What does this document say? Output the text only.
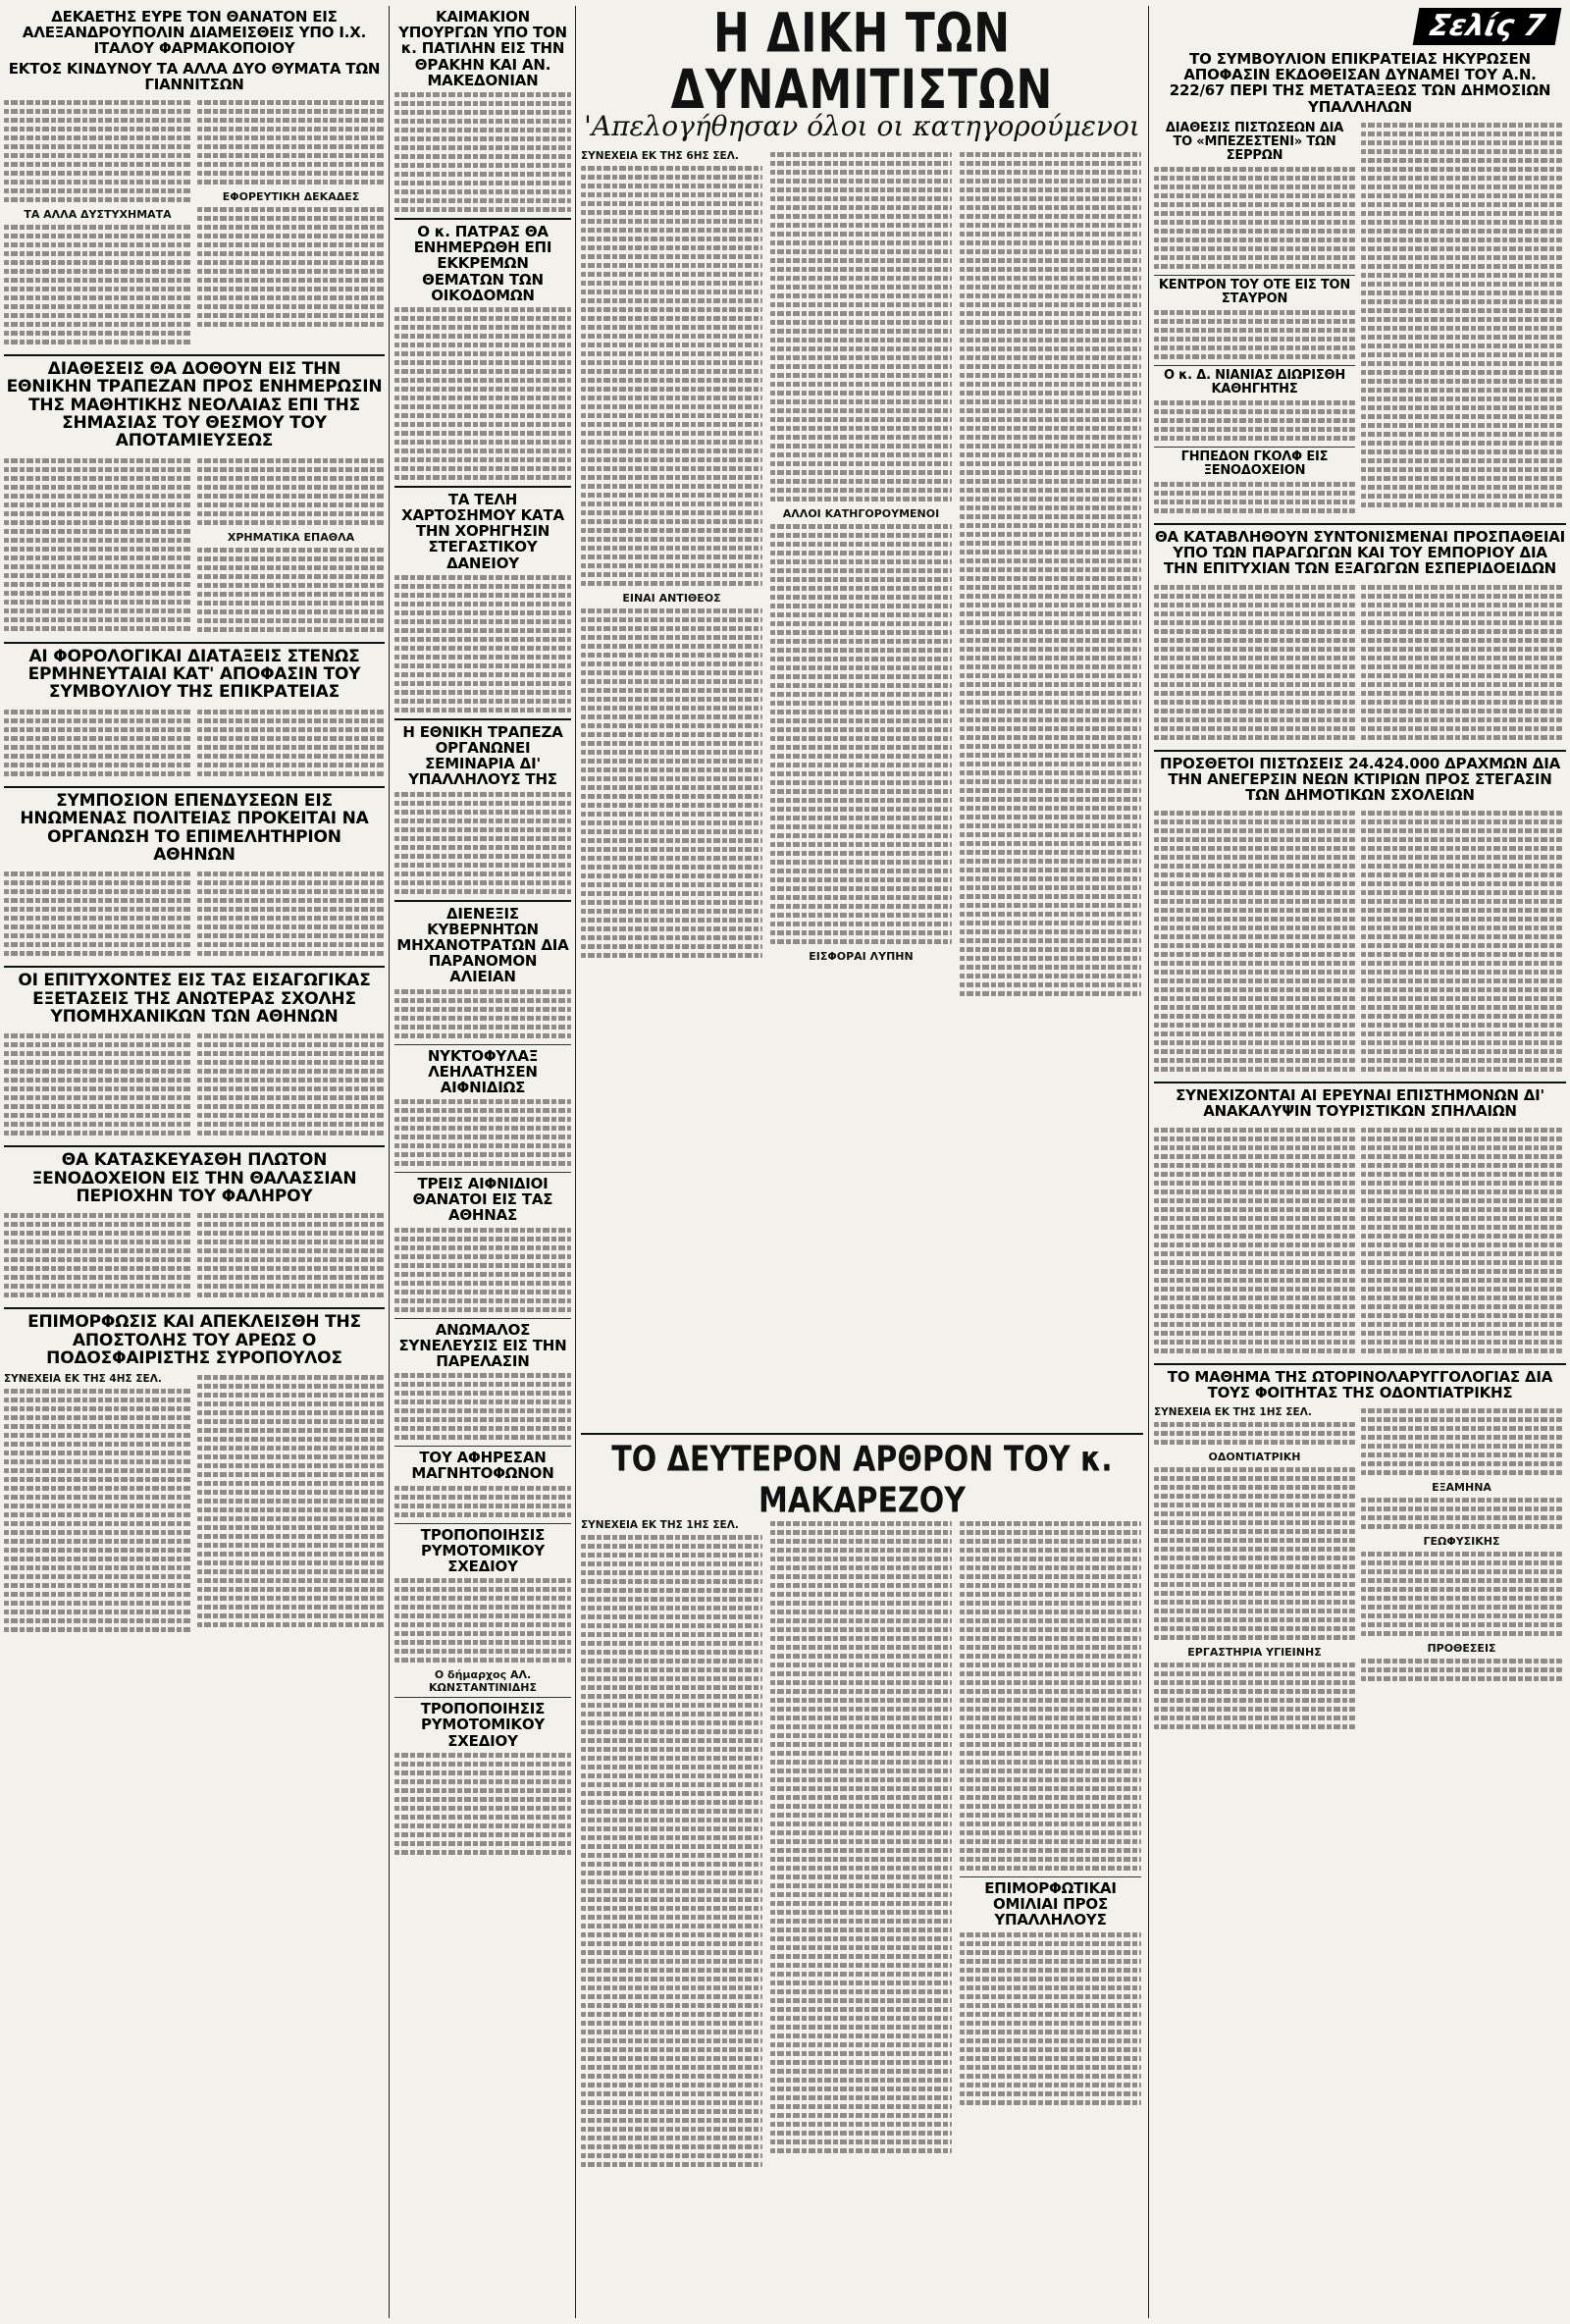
ΔΕΚΑΕΤΗΣ ΕΥΡΕ ΤΟΝ ΘΑΝΑΤΟΝ ΕΙΣ ΑΛΕΞΑΝΔΡΟΥΠΟΛΙΝ ΔΙΑΜΕΙΣΘΕΙΣ ΥΠΟ Ι.Χ. ΙΤΑΛΟΥ ΦΑΡΜΑΚΟΠΟΙΟΥ
ΕΚΤΟΣ ΚΙΝΔΥΝΟΥ ΤΑ ΑΛΛΑ ΔΥΟ ΘΥΜΑΤΑ ΤΩΝ ΓΙΑΝΝΙΤΣΩΝ
ΤΑ ΑΛΛΑ ΔΥΣΤΥΧΗΜΑΤΑ
ΕΦΟΡΕΥΤΙΚΗ ΔΕΚΑΔΕΣ
ΔΙΑΘΕΣΕΙΣ ΘΑ ΔΟΘΟΥΝ ΕΙΣ ΤΗΝ ΕΘΝΙΚΗΝ ΤΡΑΠΕΖΑΝ ΠΡΟΣ ΕΝΗΜΕΡΩΣΙΝ ΤΗΣ ΜΑΘΗΤΙΚΗΣ ΝΕΟΛΑΙΑΣ ΕΠΙ ΤΗΣ ΣΗΜΑΣΙΑΣ ΤΟΥ ΘΕΣΜΟΥ ΤΟΥ ΑΠΟΤΑΜΙΕΥΣΕΩΣ
ΧΡΗΜΑΤΙΚΑ ΕΠΑΘΛΑ
ΑΙ ΦΟΡΟΛΟΓΙΚΑΙ ΔΙΑΤΑΞΕΙΣ ΣΤΕΝΩΣ ΕΡΜΗΝΕΥΤΑΙΑΙ ΚΑΤ' ΑΠΟΦΑΣΙΝ ΤΟΥ ΣΥΜΒΟΥΛΙΟΥ ΤΗΣ ΕΠΙΚΡΑΤΕΙΑΣ
ΣΥΜΠΟΣΙΟΝ ΕΠΕΝΔΥΣΕΩΝ ΕΙΣ ΗΝΩΜΕΝΑΣ ΠΟΛΙΤΕΙΑΣ ΠΡΟΚΕΙΤΑΙ ΝΑ ΟΡΓΑΝΩΣΗ ΤΟ ΕΠΙΜΕΛΗΤΗΡΙΟΝ ΑΘΗΝΩΝ
ΟΙ ΕΠΙΤΥΧΟΝΤΕΣ ΕΙΣ ΤΑΣ ΕΙΣΑΓΩΓΙΚΑΣ ΕΞΕΤΑΣΕΙΣ ΤΗΣ ΑΝΩΤΕΡΑΣ ΣΧΟΛΗΣ ΥΠΟΜΗΧΑΝΙΚΩΝ ΤΩΝ ΑΘΗΝΩΝ
ΘΑ ΚΑΤΑΣΚΕΥΑΣΘΗ ΠΛΩΤΟΝ ΞΕΝΟΔΟΧΕΙΟΝ ΕΙΣ ΤΗΝ ΘΑΛΑΣΣΙΑΝ ΠΕΡΙΟΧΗΝ ΤΟΥ ΦΑΛΗΡΟΥ
ΕΠΙΜΟΡΦΩΣΙΣ ΚΑΙ ΑΠΕΚΛΕΙΣΘΗ ΤΗΣ ΑΠΟΣΤΟΛΗΣ ΤΟΥ ΑΡΕΩΣ Ο ΠΟΔΟΣΦΑΙΡΙΣΤΗΣ ΣΥΡΟΠΟΥΛΟΣ
ΣΥΝΕΧΕΙΑ ΕΚ ΤΗΣ 4ΗΣ ΣΕΛ.
ΚΑΙΜΑΚΙΟΝ ΥΠΟΥΡΓΩΝ ΥΠΟ ΤΟΝ κ. ΠΑΤΙΛΗΝ ΕΙΣ ΤΗΝ ΘΡΑΚΗΝ ΚΑΙ ΑΝ. ΜΑΚΕΔΟΝΙΑΝ
Ο κ. ΠΑΤΡΑΣ ΘΑ ΕΝΗΜΕΡΩΘΗ ΕΠΙ ΕΚΚΡΕΜΩΝ ΘΕΜΑΤΩΝ ΤΩΝ ΟΙΚΟΔΟΜΩΝ
ΤΑ ΤΕΛΗ ΧΑΡΤΟΣΗΜΟΥ ΚΑΤΑ ΤΗΝ ΧΟΡΗΓΗΣΙΝ ΣΤΕΓΑΣΤΙΚΟΥ ΔΑΝΕΙΟΥ
Η ΕΘΝΙΚΗ ΤΡΑΠΕΖΑ ΟΡΓΑΝΩΝΕΙ ΣΕΜΙΝΑΡΙΑ ΔΙ' ΥΠΑΛΛΗΛΟΥΣ ΤΗΣ
ΔΙΕΝΕΞΙΣ ΚΥΒΕΡΝΗΤΩΝ ΜΗΧΑΝΟΤΡΑΤΩΝ ΔΙΑ ΠΑΡΑΝΟΜΟΝ ΑΛΙΕΙΑΝ
ΝΥΚΤΟΦΥΛΑΞ ΛΕΗΛΑΤΗΣΕΝ ΑΙΦΝΙΔΙΩΣ
ΤΡΕΙΣ ΑΙΦΝΙΔΙΟΙ ΘΑΝΑΤΟΙ ΕΙΣ ΤΑΣ ΑΘΗΝΑΣ
ΑΝΩΜΑΛΟΣ ΣΥΝΕΛΕΥΣΙΣ ΕΙΣ ΤΗΝ ΠΑΡΕΛΑΣΙΝ
ΤΟΥ ΑΦΗΡΕΣΑΝ ΜΑΓΝΗΤΟΦΩΝΟΝ
ΤΡΟΠΟΠΟΙΗΣΙΣ ΡΥΜΟΤΟΜΙΚΟΥ ΣΧΕΔΙΟΥ
Ο δήμαρχος ΑΛ. ΚΩΝΣΤΑΝΤΙΝΙΔΗΣ
ΤΡΟΠΟΠΟΙΗΣΙΣ ΡΥΜΟΤΟΜΙΚΟΥ ΣΧΕΔΙΟΥ
Η ΔΙΚΗ ΤΩΝ ΔΥΝΑΜΙΤΙΣΤΩΝ
'Απελογήθησαν όλοι οι κατηγορούμενοι
ΣΥΝΕΧΕΙΑ ΕΚ ΤΗΣ 6ΗΣ ΣΕΛ.
ΕΙΝΑΙ ΑΝΤΙΘΕΟΣ
ΑΛΛΟΙ ΚΑΤΗΓΟΡΟΥΜΕΝΟΙ
ΕΙΣΦΟΡΑΙ ΛΥΠΗΝ
ΤΟ ΔΕΥΤΕΡΟΝ ΑΡΘΡΟΝ ΤΟΥ κ. ΜΑΚΑΡΕΖΟΥ
ΣΥΝΕΧΕΙΑ ΕΚ ΤΗΣ 1ΗΣ ΣΕΛ.
ΕΠΙΜΟΡΦΩΤΙΚΑΙ ΟΜΙΛΙΑΙ ΠΡΟΣ ΥΠΑΛΛΗΛΟΥΣ
Σελίς 7
ΤΟ ΣΥΜΒΟΥΛΙΟΝ ΕΠΙΚΡΑΤΕΙΑΣ ΗΚΥΡΩΣΕΝ ΑΠΟΦΑΣΙΝ ΕΚΔΟΘΕΙΣΑΝ ΔΥΝΑΜΕΙ ΤΟΥ Α.Ν. 222/67 ΠΕΡΙ ΤΗΣ ΜΕΤΑΤΑΞΕΩΣ ΤΩΝ ΔΗΜΟΣΙΩΝ ΥΠΑΛΛΗΛΩΝ
ΔΙΑΘΕΣΙΣ ΠΙΣΤΩΣΕΩΝ ΔΙΑ ΤΟ «ΜΠΕΖΕΣΤΕΝΙ» ΤΩΝ ΣΕΡΡΩΝ
ΚΕΝΤΡΟΝ ΤΟΥ ΟΤΕ ΕΙΣ ΤΟΝ ΣΤΑΥΡΟΝ
Ο κ. Δ. ΝΙΑΝΙΑΣ ΔΙΩΡΙΣΘΗ ΚΑΘΗΓΗΤΗΣ
ΓΗΠΕΔΟΝ ΓΚΟΛΦ ΕΙΣ ΞΕΝΟΔΟΧΕΙΟΝ
ΘΑ ΚΑΤΑΒΛΗΘΟΥΝ ΣΥΝΤΟΝΙΣΜΕΝΑΙ ΠΡΟΣΠΑΘΕΙΑΙ ΥΠΟ ΤΩΝ ΠΑΡΑΓΩΓΩΝ ΚΑΙ ΤΟΥ ΕΜΠΟΡΙΟΥ ΔΙΑ ΤΗΝ ΕΠΙΤΥΧΙΑΝ ΤΩΝ ΕΞΑΓΩΓΩΝ ΕΣΠΕΡΙΔΟΕΙΔΩΝ
ΠΡΟΣΘΕΤΟΙ ΠΙΣΤΩΣΕΙΣ 24.424.000 ΔΡΑΧΜΩΝ ΔΙΑ ΤΗΝ ΑΝΕΓΕΡΣΙΝ ΝΕΩΝ ΚΤΙΡΙΩΝ ΠΡΟΣ ΣΤΕΓΑΣΙΝ ΤΩΝ ΔΗΜΟΤΙΚΩΝ ΣΧΟΛΕΙΩΝ
ΣΥΝΕΧΙΖΟΝΤΑΙ ΑΙ ΕΡΕΥΝΑΙ ΕΠΙΣΤΗΜΟΝΩΝ ΔΙ' ΑΝΑΚΑΛΥΨΙΝ ΤΟΥΡΙΣΤΙΚΩΝ ΣΠΗΛΑΙΩΝ
ΤΟ ΜΑΘΗΜΑ ΤΗΣ ΩΤΟΡΙΝΟΛΑΡΥΓΓΟΛΟΓΙΑΣ ΔΙΑ ΤΟΥΣ ΦΟΙΤΗΤΑΣ ΤΗΣ ΟΔΟΝΤΙΑΤΡΙΚΗΣ
ΣΥΝΕΧΕΙΑ ΕΚ ΤΗΣ 1ΗΣ ΣΕΛ.
ΟΔΟΝΤΙΑΤΡΙΚΗ
ΕΡΓΑΣΤΗΡΙΑ ΥΓΙΕΙΝΗΣ
ΕΞΑΜΗΝΑ
ΓΕΩΦΥΣΙΚΗΣ
ΠΡΟΘΕΣΕΙΣ
